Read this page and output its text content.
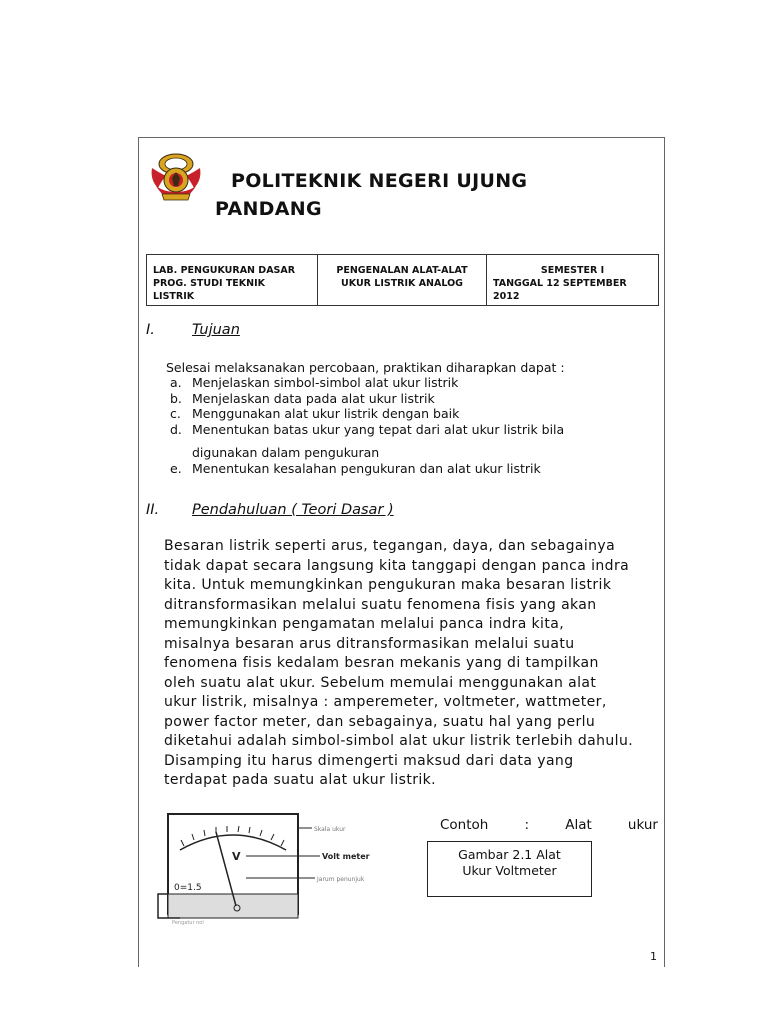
POLITEKNIK NEGERI UJUNG
PANDANG
LAB. PENGUKURAN DASAR
PROG. STUDI TEKNIK
LISTRIK

PENGENALAN ALAT-ALAT
UKUR LISTRIK ANALOG

SEMESTER I
TANGGAL 12 SEPTEMBER
2012
I.	Tujuan
Selesai melaksanakan percobaan, praktikan diharapkan dapat :
a. Menjelaskan simbol-simbol alat ukur listrik
b. Menjelaskan data pada alat ukur listrik
c. Menggunakan alat ukur listrik dengan baik
d. Menentukan batas ukur yang tepat dari alat ukur listrik bila
digunakan dalam pengukuran
e. Menentukan kesalahan pengukuran dan alat ukur listrik
II. Pendahuluan ( Teori Dasar )
Besaran listrik seperti arus, tegangan, daya, dan sebagainya
tidak dapat secara langsung kita tanggapi dengan panca indra
kita. Untuk memungkinkan pengukuran maka besaran listrik
ditransformasikan melalui suatu fenomena fisis yang akan
memungkinkan pengamatan melalui panca indra kita,
misalnya besaran arus ditransformasikan melalui suatu
fenomena fisis kedalam besran mekanis yang di tampilkan
oleh suatu alat ukur. Sebelum memulai menggunakan alat
ukur listrik, misalnya : amperemeter, voltmeter, wattmeter,
power factor meter, dan sebagainya, suatu hal yang perlu
diketahui adalah simbol-simbol alat ukur listrik terlebih dahulu.
Disamping itu harus dimengerti maksud dari data yang
terdapat pada suatu alat ukur listrik.
V
0=1.5
Skala ukur
Volt meter
Jarum penunjuk
Pengatur nol
Contoh	:	Alat	ukur
Gambar 2.1 Alat
Ukur Voltmeter
1
